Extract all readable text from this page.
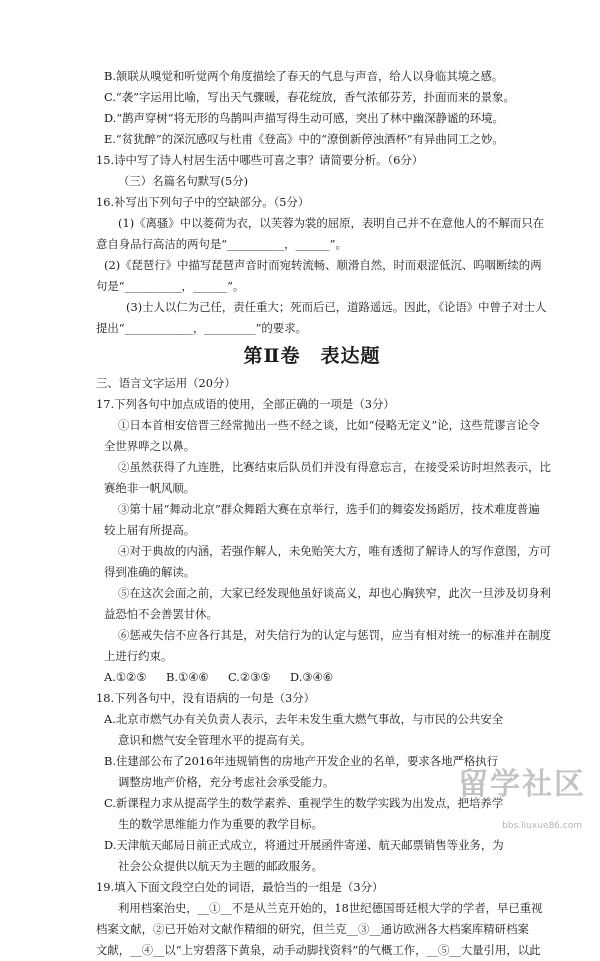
B.颔联从嗅觉和听觉两个角度描绘了春天的气息与声音，给人以身临其境之感。

C.“袭”字运用比喻，写出天气骤暖，春花绽放，香气浓郁芬芳，扑面而来的景象。

D.“鹊声穿树”将无形的鸟鹊叫声描写得生动可感，突出了林中幽深静谧的环境。

E.“贫犹醉”的深沉感叹与杜甫《登高》中的“潦倒新停浊酒杯”有异曲同工之妙。

15.诗中写了诗人村居生活中哪些可喜之事？请简要分析。（6分）

（三）名篇名句默写(5分)

16.补写出下列句子中的空缺部分。（5分）

(1)《离骚》中以菱荷为衣，以芙蓉为裳的屈原，表明自己并不在意他人的不解而只在

意自身品行高洁的两句是“__________，______”。

(2)《琵琶行》中描写琵琶声音时而宛转流畅、顺滑自然，时而艰涩低沉、呜咽断续的两

句是“__________，______”。

(3)士人以仁为己任，责任重大；死而后已，道路遥远。因此，《论语》中曾子对士人

提出“____________，_________”的要求。

第Ⅱ卷 表达题

三、语言文字运用（20分）

17.下列各句中加点成语的使用，全部正确的一项是（3分）

①日本首相安倍晋三经常抛出一些不经之谈，比如“侵略无定义”论，这些荒谬言论令

全世界哗之以鼻。

②虽然获得了九连胜，比赛结束后队员们并没有得意忘言，在接受采访时坦然表示，比

赛绝非一帆风顺。

③第十届“舞动北京”群众舞蹈大赛在京举行，选手们的舞姿发扬蹈厉，技术难度普遍

较上届有所提高。

④对于典故的内涵，若强作解人，未免贻笑大方，唯有透彻了解诗人的写作意图，方可

得到准确的解读。

⑤在这次会面之前，大家已经发现他虽好谈高义，却也心胸狭窄，此次一旦涉及切身利

益恐怕不会善罢甘休。

⑥惩戒失信不应各行其是，对失信行为的认定与惩罚，应当有相对统一的标准并在制度

上进行约束。

A.①②⑤ B.①④⑥ C.②③⑤ D.③④⑥

18.下列各句中，没有语病的一句是（3分）

A.北京市燃气办有关负责人表示，去年未发生重大燃气事故，与市民的公共安全

意识和燃气安全管理水平的提高有关。

B.住建部公布了2016年违规销售的房地产开发企业的名单，要求各地严格执行

调整房地产价格，充分考虑社会承受能力。

C.新课程力求从提高学生的数学素养、重视学生的数学实践为出发点，把培养学

生的数学思维能力作为重要的教学目标。

D.天津航天邮局日前正式成立，将通过开展函件寄递、航天邮票销售等业务，为

社会公众提供以航天为主题的邮政服务。

19.填入下面文段空白处的词语，最恰当的一组是（3分）

利用档案治史，__①__不是从兰克开始的，18世纪德国哥廷根大学的学者，早已重视

档案文献，②已开始对文献作精细的研究，但兰克__③__通访欧洲各大档案库精研档案

文献，__④__以“上穷碧落下黄泉，动手动脚找资料”的气概工作，__⑤__大量引用，以此

留学社区
bbs.liuxue86.com
